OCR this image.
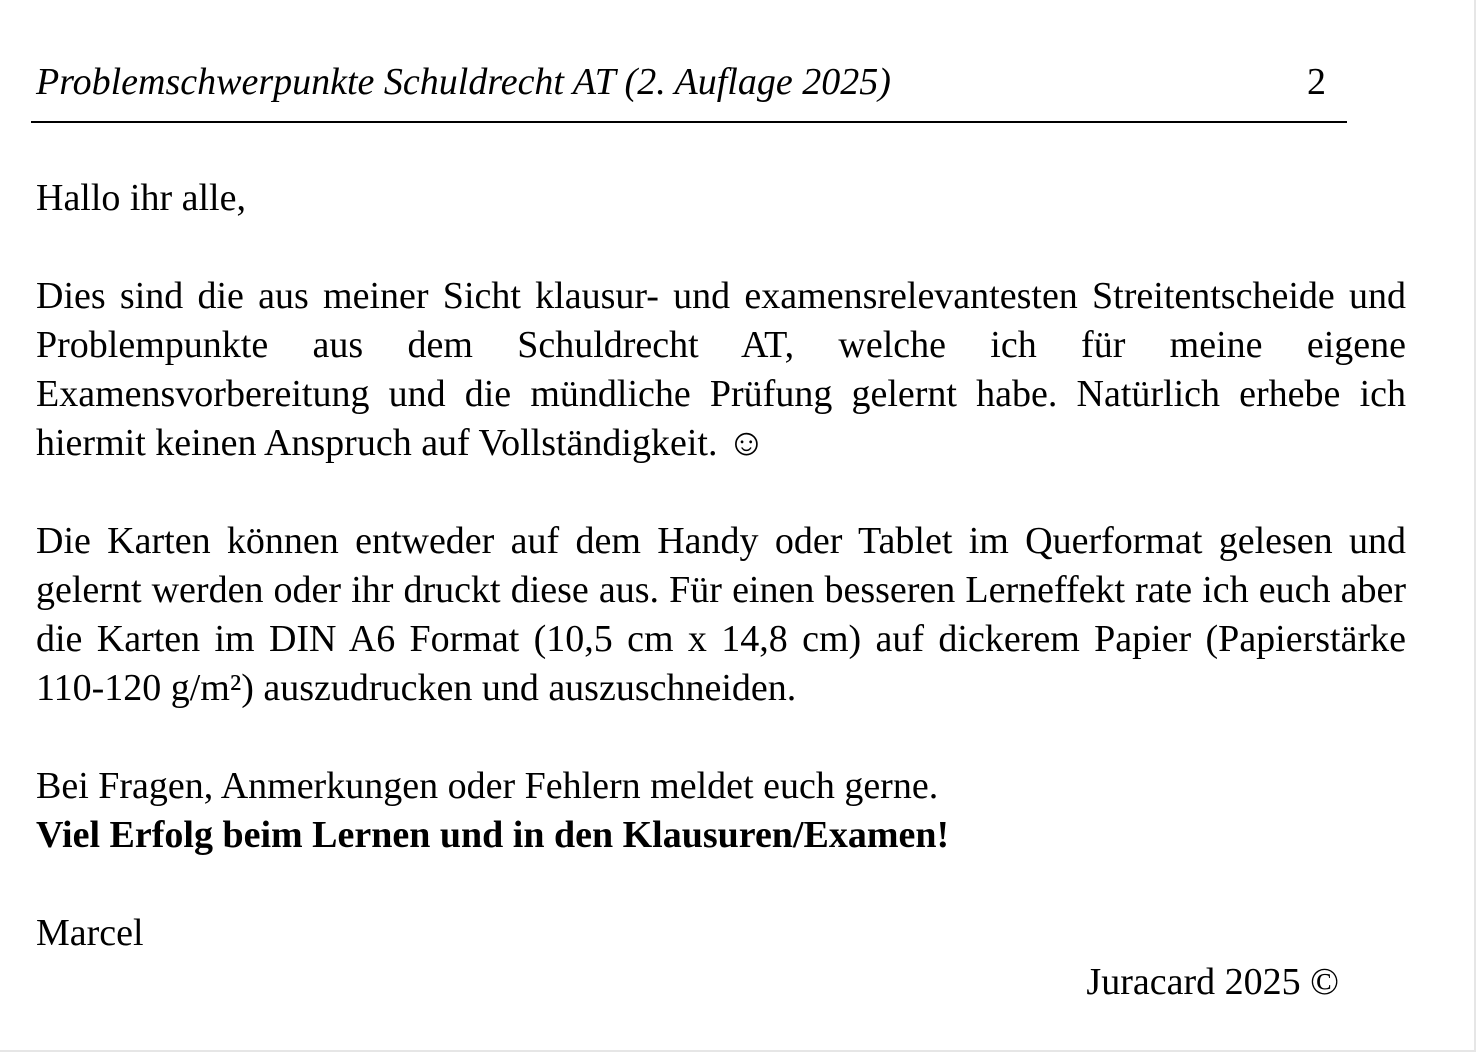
Problemschwerpunkte Schuldrecht AT (2. Auflage 2025)	2

Hallo ihr alle,

Dies sind die aus meiner Sicht klausur- und examensrelevantesten Streitentscheide und Problempunkte aus dem Schuldrecht AT, welche ich für meine eigene Examensvorbereitung und die mündliche Prüfung gelernt habe. Natürlich erhebe ich hiermit keinen Anspruch auf Vollständigkeit. ☺

Die Karten können entweder auf dem Handy oder Tablet im Querformat gelesen und gelernt werden oder ihr druckt diese aus. Für einen besseren Lerneffekt rate ich euch aber die Karten im DIN A6 Format (10,5 cm x 14,8 cm) auf dickerem Papier (Papierstärke 110-120 g/m²) auszudrucken und auszuschneiden.

Bei Fragen, Anmerkungen oder Fehlern meldet euch gerne.

Viel Erfolg beim Lernen und in den Klausuren/Examen!

Marcel

Juracard 2025 ©
